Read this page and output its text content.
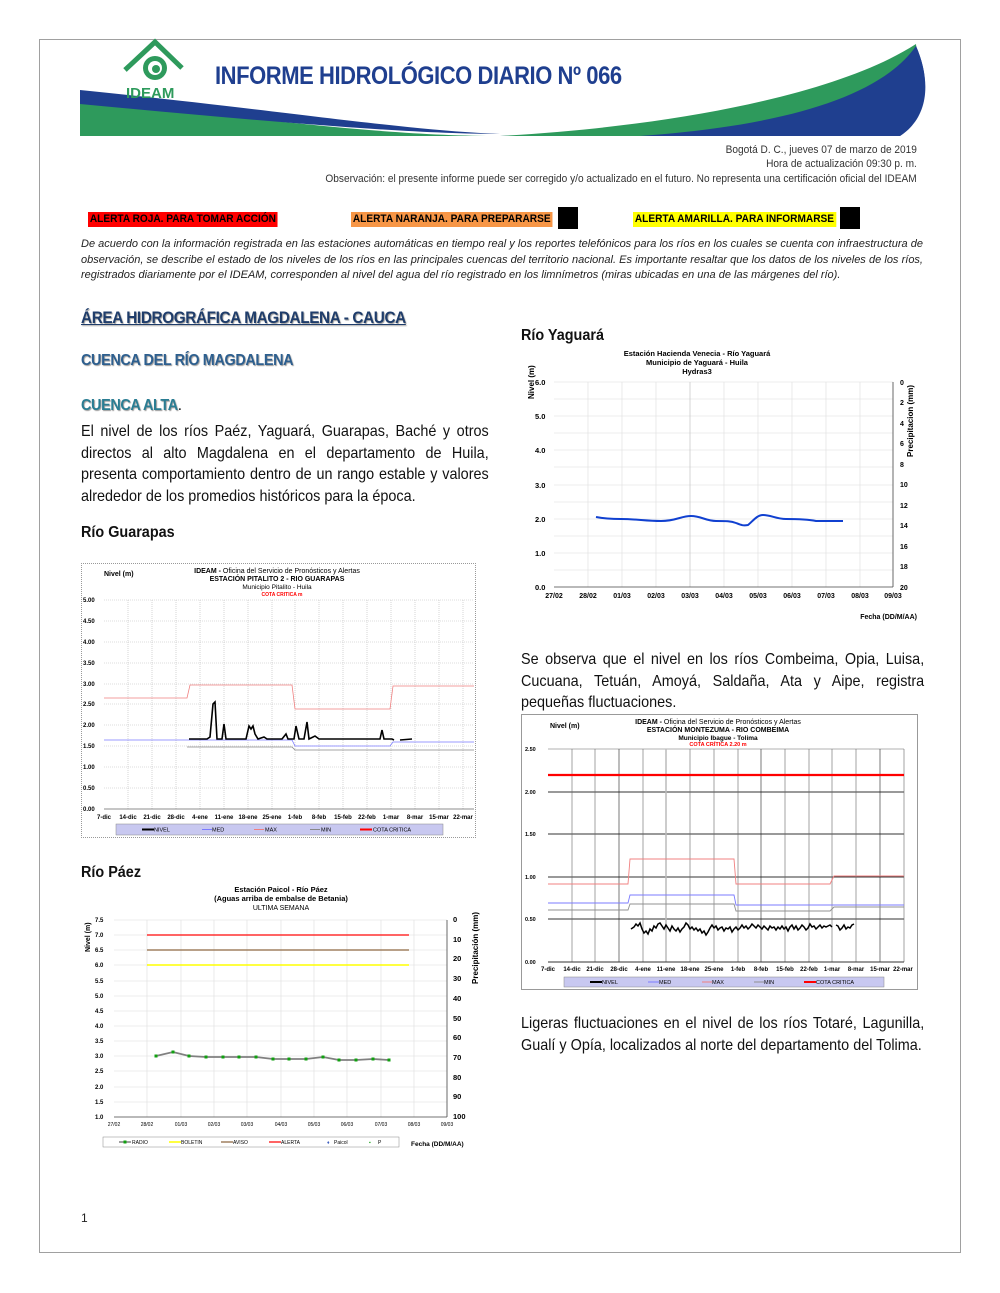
IDEAM
INFORME HIDROLÓGICO DIARIO Nº 066
Bogotá D. C., jueves 07 de marzo de 2019
Hora de actualización 09:30 p. m.
Observación: el presente informe puede ser corregido y/o actualizado en el futuro. No representa una certificación oficial del IDEAM
ALERTA ROJA. PARA TOMAR ACCIÓN	ALERTA NARANJA. PARA PREPARARSE	ALERTA AMARILLA. PARA INFORMARSE
De acuerdo con la información registrada en las estaciones automáticas en tiempo real y los reportes telefónicos para los ríos en los cuales se cuenta con infraestructura de observación, se describe el estado de los niveles de los ríos en las principales cuencas del territorio nacional. Es importante resaltar que los datos de los niveles de los ríos, registrados diariamente por el IDEAM, corresponden al nivel del agua del río registrado en los limnímetros (miras ubicadas en una de las márgenes del río).
ÁREA HIDROGRÁFICA MAGDALENA - CAUCA
CUENCA DEL RÍO MAGDALENA
CUENCA ALTA.
El nivel de los ríos Paéz, Yaguará, Guarapas, Baché y otros directos al alto Magdalena en el departamento de Huila, presenta comportamiento dentro de un rango estable y valores alrededor de los promedios históricos para la época.
Río Guarapas
Nivel (m)	IDEAM - Oficina del Servicio de Pronósticos y Alertas
ESTACIÓN PITALITO 2 - RIO GUARAPAS
Municipio Pitalito - Huila
COTA CRITICA m
5.00
4.50
4.00
3.50
3.00
2.50
2.00
1.50
1.00
0.50
0.00
7-dic 14-dic 21-dic 28-dic 4-ene 11-ene 18-ene 25-ene 1-feb 8-feb 15-feb 22-feb 1-mar 8-mar 15-mar 22-mar
NIVEL	MED	MAX	MIN	COTA CRITICA
Río Páez
Estación Paicol - Río Páez
(Aguas arriba de embalse de Betania)
ULTIMA SEMANA
Nivel (m)	Precipitación (mm)
7.5
7.0
6.5
6.0
5.5
5.0
4.5
4.0
3.5
3.0
2.5
2.0
1.5
1.0
0
10
20
30
40
50
60
70
80
90
100
27/02	28/02	01/03	02/03	03/03	04/03	05/03	06/03	07/03	08/03	09/03
RADIO	BOLETIN	AVISO	ALERTA	♦ Paicol	▪ P	Fecha (DD/M/AA)
Río Yaguará
Estación Hacienda Venecia - Río Yaguará
Municipio de Yaguará - Huila
Hydras3
Nivel (m)
Precipitacion (mm)
6.0
5.0
4.0
3.0
2.0
1.0
0.0
0
2
4
6
8
10
12
14
16
18
20
27/02 28/02 01/03 02/03 03/03 04/03 05/03 06/03 07/03 08/03 09/03
Fecha (DD/M/AA)
Se observa que el nivel en los ríos Combeima, Opia, Luisa, Cucuana, Tetuán, Amoyá, Saldaña, Ata y Aipe, registra pequeñas fluctuaciones.
Nivel (m)
IDEAM - Oficina del Servicio de Pronósticos y Alertas
ESTACIÓN MONTEZUMA - RIO COMBEIMA
Municipio Ibague - Tolima
COTA CRÍTICA 2.20 m
2.50
2.00
1.50
1.00
0.50
0.00
7-dic 14-dic 21-dic 28-dic 4-ene 11-ene 18-ene 25-ene 1-feb 8-feb 15-feb 22-feb 1-mar 8-mar 15-mar 22-mar
NIVEL	MED	MAX	MIN	COTA CRITICA
Ligeras fluctuaciones en el nivel de los ríos Totaré, Lagunilla, Gualí y Opía, localizados al norte del departamento del Tolima.
1
